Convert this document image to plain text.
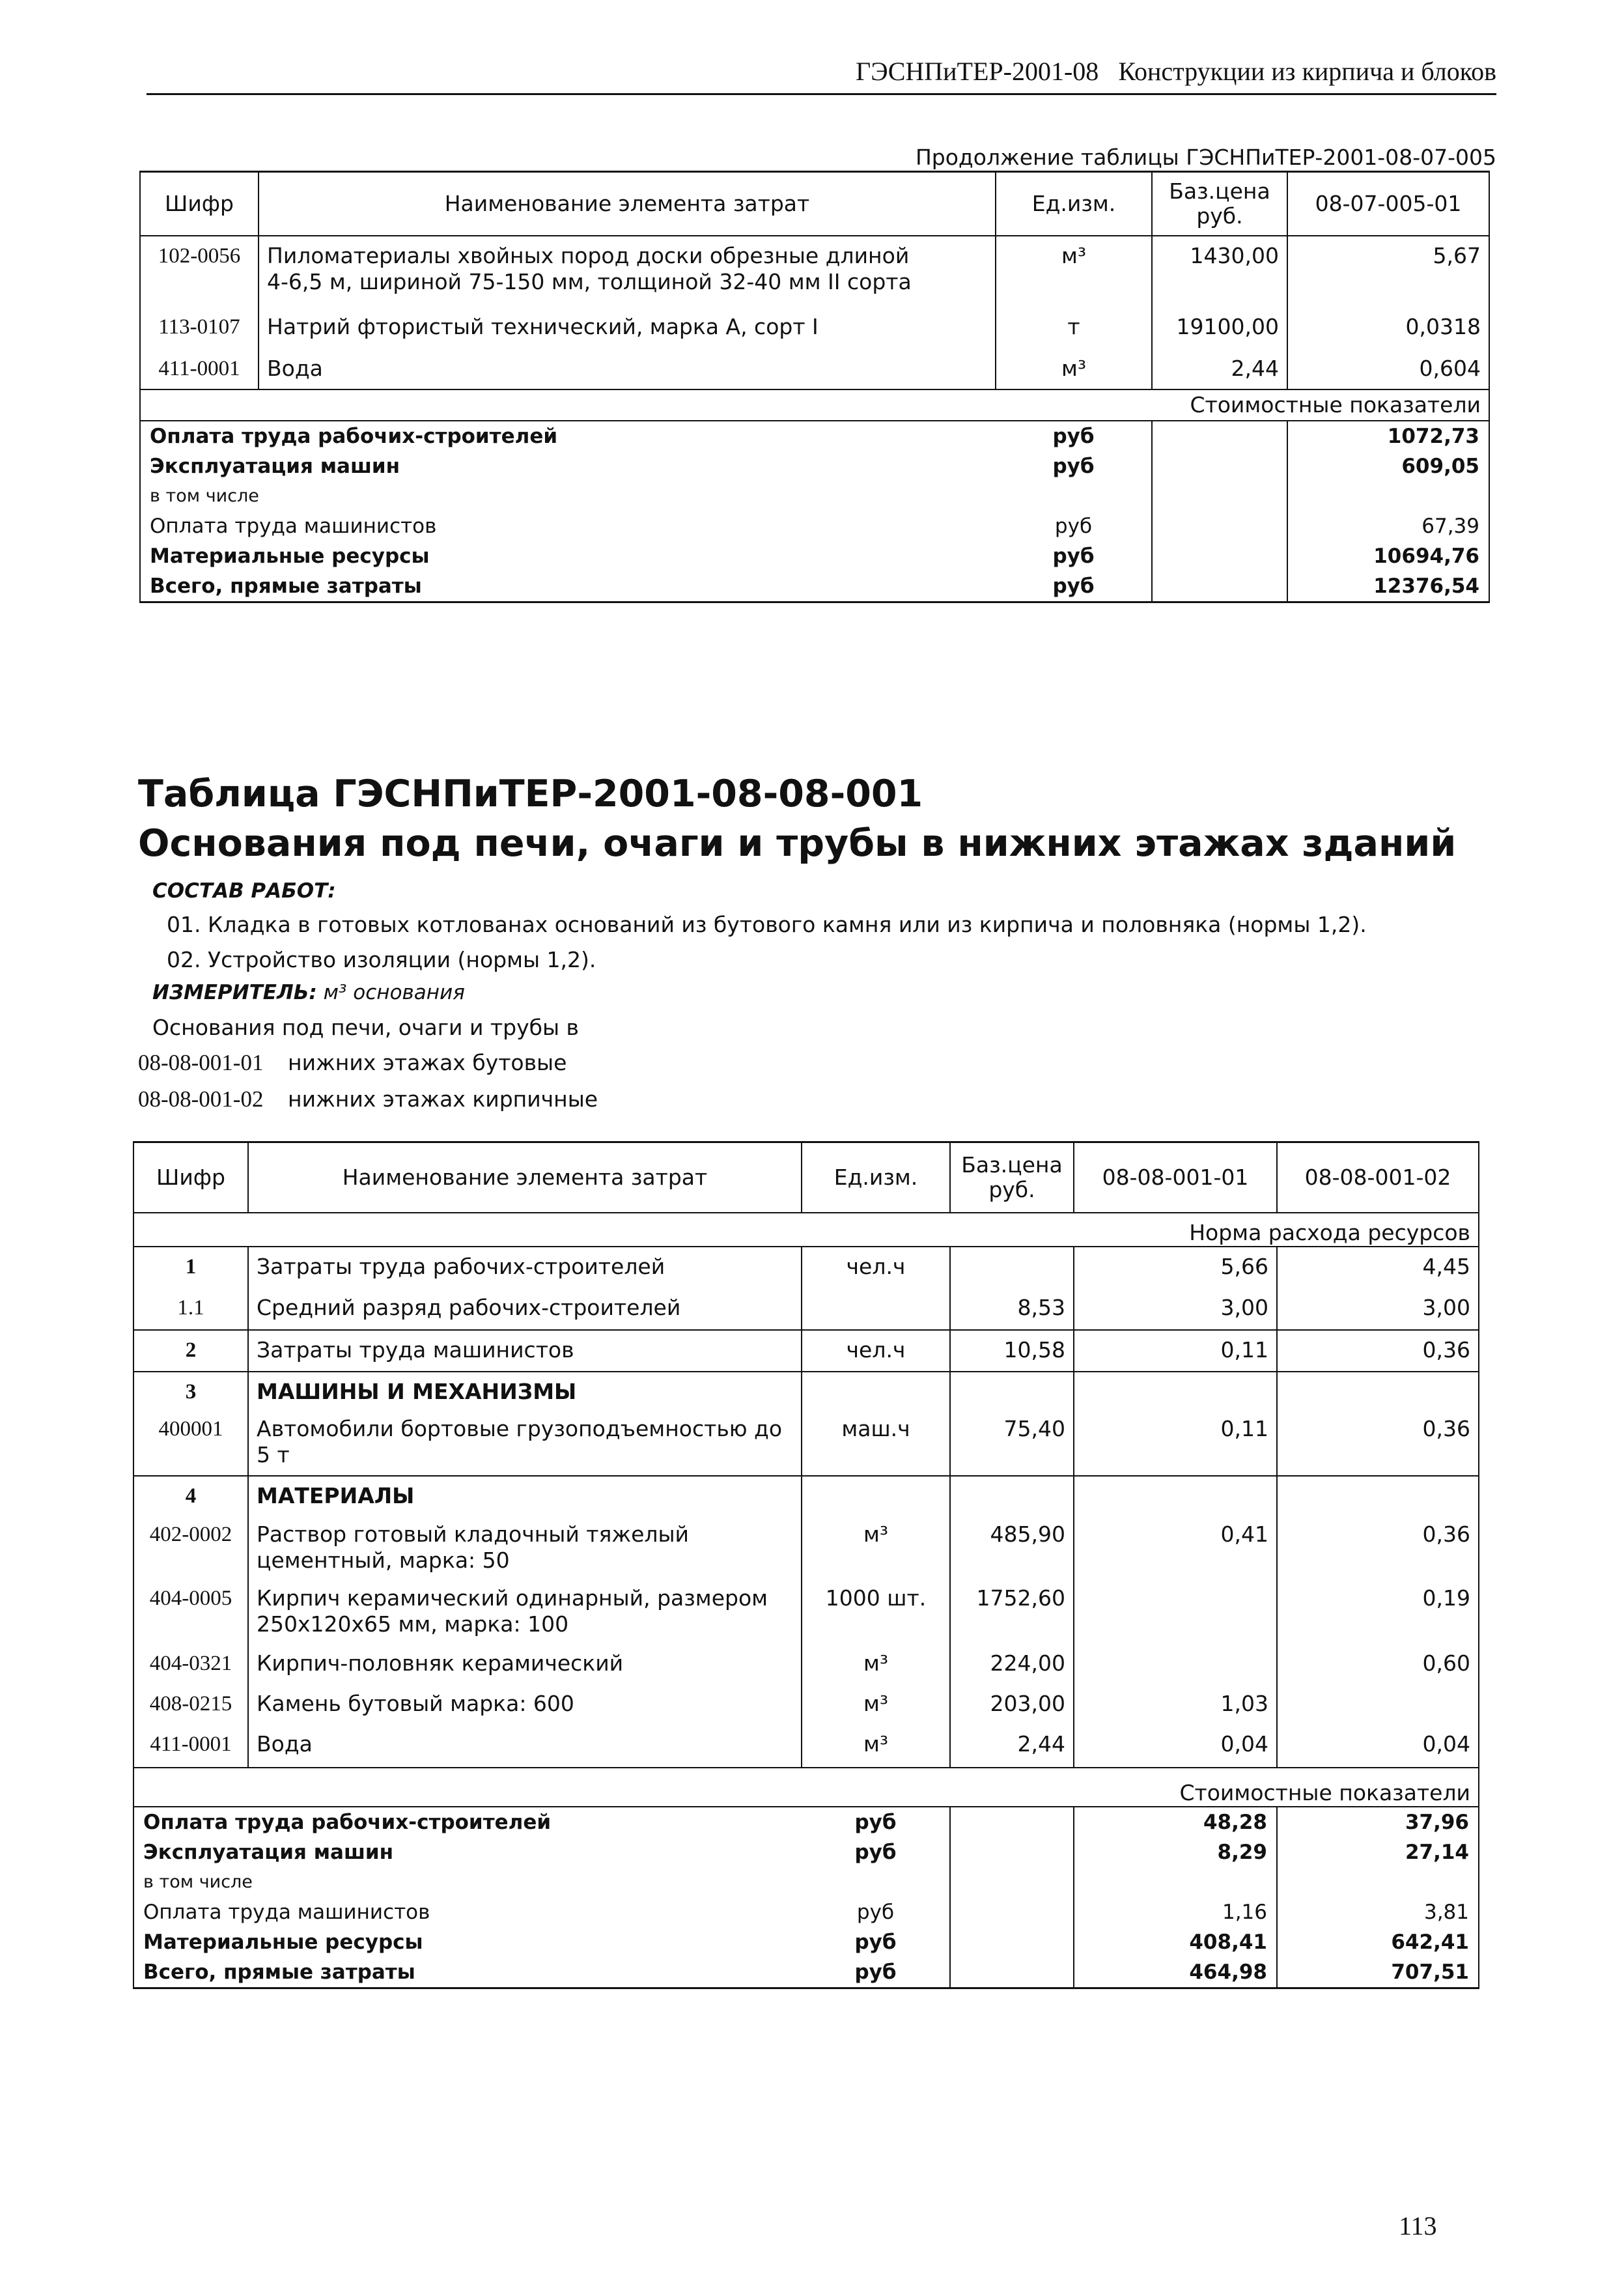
ГЭСНПиТЕР-2001-08 Конструкции из кирпича и блоков
Продолжение таблицы ГЭСНПиТЕР-2001-08-07-005
Шифр	Наименование элемента затрат	Ед.изм.	Баз.цена
руб.	08-07-005-01
102-0056	Пиломатериалы хвойных пород доски обрезные длиной
4-6,5 м, шириной 75-150 мм, толщиной 32-40 мм II сорта	м³	1430,00	5,67
113-0107	Натрий фтористый технический, марка А, сорт I	т	19100,00	0,0318
411-0001	Вода	м³	2,44	0,604
Стоимостные показатели				
Оплата труда рабочих-строителей		руб		1072,73
Эксплуатация машин		руб		609,05
в том числе				
Оплата труда машинистов		руб		67,39
Материальные ресурсы		руб		10694,76
Всего, прямые затраты		руб		12376,54
Таблица ГЭСНПиТЕР-2001-08-08-001
Основания под печи, очаги и трубы в нижних этажах зданий
СОСТАВ РАБОТ:
01. Кладка в готовых котлованах оснований из бутового камня или из кирпича и половняка (нормы 1,2).
02. Устройство изоляции (нормы 1,2).
ИЗМЕРИТЕЛЬ: м³ основания
Основания под печи, очаги и трубы в
08-08-001-01 нижних этажах бутовые
08-08-001-02 нижних этажах кирпичные
Шифр	Наименование элемента затрат	Ед.изм.	Баз.цена
руб.	08-08-001-01	08-08-001-02
Норма расхода ресурсов					
1	Затраты труда рабочих-строителей	чел.ч		5,66	4,45
1.1	Средний разряд рабочих-строителей		8,53	3,00	3,00
2	Затраты труда машинистов	чел.ч	10,58	0,11	0,36
3	МАШИНЫ И МЕХАНИЗМЫ				
400001	Автомобили бортовые грузоподъемностью до
5 т	маш.ч	75,40	0,11	0,36
4	МАТЕРИАЛЫ				
402-0002	Раствор готовый кладочный тяжелый
цементный, марка: 50	м³	485,90	0,41	0,36
404-0005	Кирпич керамический одинарный, размером
250х120х65 мм, марка: 100	1000 шт.	1752,60		0,19
404-0321	Кирпич-половняк керамический	м³	224,00		0,60
408-0215	Камень бутовый марка: 600	м³	203,00	1,03	
411-0001	Вода	м³	2,44	0,04	0,04
Стоимостные показатели					
Оплата труда рабочих-строителей		руб		48,28	37,96
Эксплуатация машин		руб		8,29	27,14
в том числе					
Оплата труда машинистов		руб		1,16	3,81
Материальные ресурсы		руб		408,41	642,41
Всего, прямые затраты		руб		464,98	707,51
113
